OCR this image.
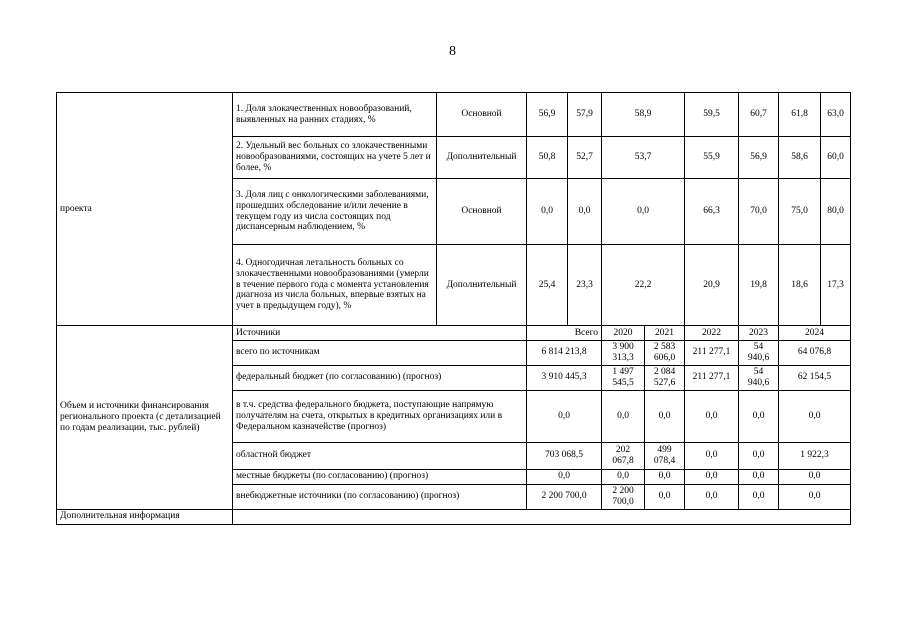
8
проекта	1. Доля злокачественных новообразований, выявленных на ранних стадиях, %	Основной	56,9	57,9	58,9		59,5	60,7	61,8	63,0
	2. Удельный вес больных со злокачественными новообразованиями, состоящих на учете 5 лет и более, %	Дополнительный	50,8	52,7	53,7		55,9	56,9	58,6	60,0
	3. Доля лиц с онкологическими заболеваниями, прошедших обследование и/или лечение в текущем году из числа состоящих под диспансерным наблюдением, %	Основной	0,0	0,0	0,0		66,3	70,0	75,0	80,0
	4. Одногодичная летальность больных со злокачественными новообразованиями (умерли в течение первого года с момента установления диагноза из числа больных, впервые взятых на учет в предыдущем году), %	Дополнительный	25,4	23,3	22,2		20,9	19,8	18,6	17,3
Объем и источники финансирования регионального проекта (с детализацией по годам реализации, тыс. рублей)	Источники		Всего		2020	2021	2022	2023	2024	
	всего по источникам		6 814 213,8		3 900 313,3	2 583 606,0	211 277,1	54 940,6	64 076,8	
	федеральный бюджет (по согласованию) (прогноз)		3 910 445,3		1 497 545,5	2 084 527,6	211 277,1	54 940,6	62 154,5	
	в т.ч. средства федерального бюджета, поступающие напрямую получателям на счета, открытых в кредитных организациях или в Федеральном казначействе (прогноз)		0,0		0,0	0,0	0,0	0,0	0,0	
	областной бюджет		703 068,5		202 067,8	499 078,4	0,0	0,0	1 922,3	
	местные бюджеты (по согласованию) (прогноз)		0,0		0,0	0,0	0,0	0,0	0,0	
	внебюджетные источники (по согласованию) (прогноз)		2 200 700,0		2 200 700,0	0,0	0,0	0,0	0,0	
Дополнительная информация										
